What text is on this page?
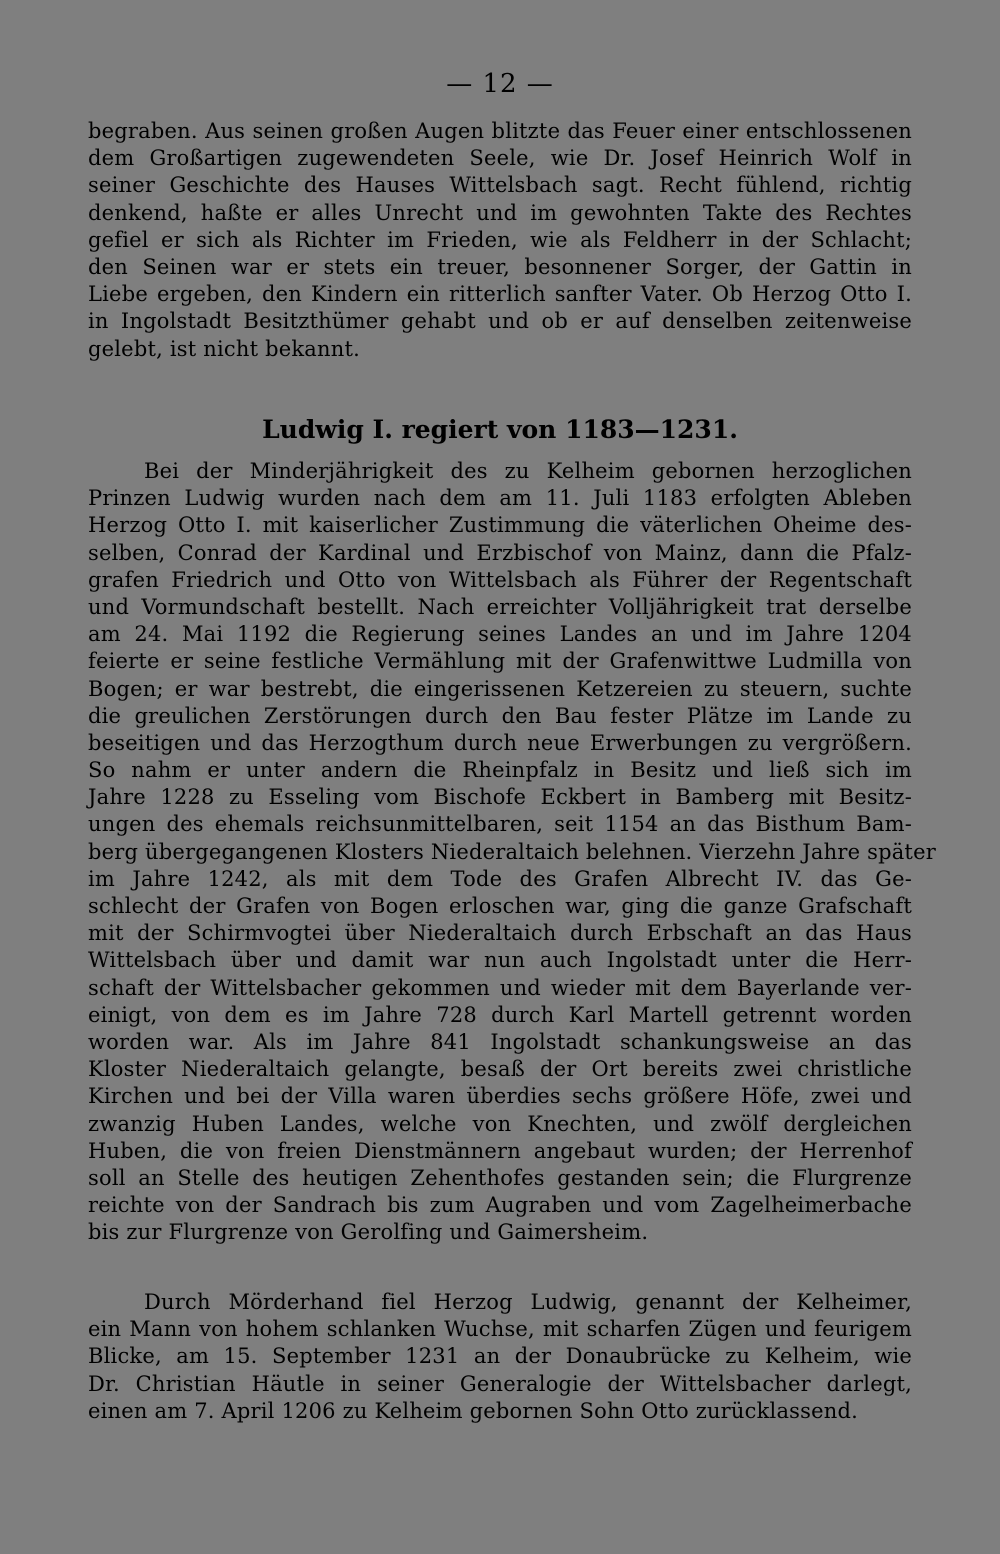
— 12 —
begraben. Aus seinen großen Augen blitzte das Feuer einer entschlossenen
dem Großartigen zugewendeten Seele, wie Dr. Josef Heinrich Wolf in
seiner Geschichte des Hauses Wittelsbach sagt. Recht fühlend, richtig
denkend, haßte er alles Unrecht und im gewohnten Takte des Rechtes
gefiel er sich als Richter im Frieden, wie als Feldherr in der Schlacht;
den Seinen war er stets ein treuer, besonnener Sorger, der Gattin in
Liebe ergeben, den Kindern ein ritterlich sanfter Vater. Ob Herzog Otto I.
in Ingolstadt Besitzthümer gehabt und ob er auf denselben zeitenweise
gelebt, ist nicht bekannt.
Ludwig I. regiert von 1183—1231.
Bei der Minderjährigkeit des zu Kelheim gebornen herzoglichen
Prinzen Ludwig wurden nach dem am 11. Juli 1183 erfolgten Ableben
Herzog Otto I. mit kaiserlicher Zustimmung die väterlichen Oheime des-
selben, Conrad der Kardinal und Erzbischof von Mainz, dann die Pfalz-
grafen Friedrich und Otto von Wittelsbach als Führer der Regentschaft
und Vormundschaft bestellt. Nach erreichter Volljährigkeit trat derselbe
am 24. Mai 1192 die Regierung seines Landes an und im Jahre 1204
feierte er seine festliche Vermählung mit der Grafenwittwe Ludmilla von
Bogen; er war bestrebt, die eingerissenen Ketzereien zu steuern, suchte
die greulichen Zerstörungen durch den Bau fester Plätze im Lande zu
beseitigen und das Herzogthum durch neue Erwerbungen zu vergrößern.
So nahm er unter andern die Rheinpfalz in Besitz und ließ sich im
Jahre 1228 zu Esseling vom Bischofe Eckbert in Bamberg mit Besitz-
ungen des ehemals reichsunmittelbaren, seit 1154 an das Bisthum Bam-
berg übergegangenen Klosters Niederaltaich belehnen. Vierzehn Jahre später
im Jahre 1242, als mit dem Tode des Grafen Albrecht IV. das Ge-
schlecht der Grafen von Bogen erloschen war, ging die ganze Grafschaft
mit der Schirmvogtei über Niederaltaich durch Erbschaft an das Haus
Wittelsbach über und damit war nun auch Ingolstadt unter die Herr-
schaft der Wittelsbacher gekommen und wieder mit dem Bayerlande ver-
einigt, von dem es im Jahre 728 durch Karl Martell getrennt worden
worden war. Als im Jahre 841 Ingolstadt schankungsweise an das
Kloster Niederaltaich gelangte, besaß der Ort bereits zwei christliche
Kirchen und bei der Villa waren überdies sechs größere Höfe, zwei und
zwanzig Huben Landes, welche von Knechten, und zwölf dergleichen
Huben, die von freien Dienstmännern angebaut wurden; der Herrenhof
soll an Stelle des heutigen Zehenthofes gestanden sein; die Flurgrenze
reichte von der Sandrach bis zum Augraben und vom Zagelheimerbache
bis zur Flurgrenze von Gerolfing und Gaimersheim.
Durch Mörderhand fiel Herzog Ludwig, genannt der Kelheimer,
ein Mann von hohem schlanken Wuchse, mit scharfen Zügen und feurigem
Blicke, am 15. September 1231 an der Donaubrücke zu Kelheim, wie
Dr. Christian Häutle in seiner Generalogie der Wittelsbacher darlegt,
einen am 7. April 1206 zu Kelheim gebornen Sohn Otto zurücklassend.
